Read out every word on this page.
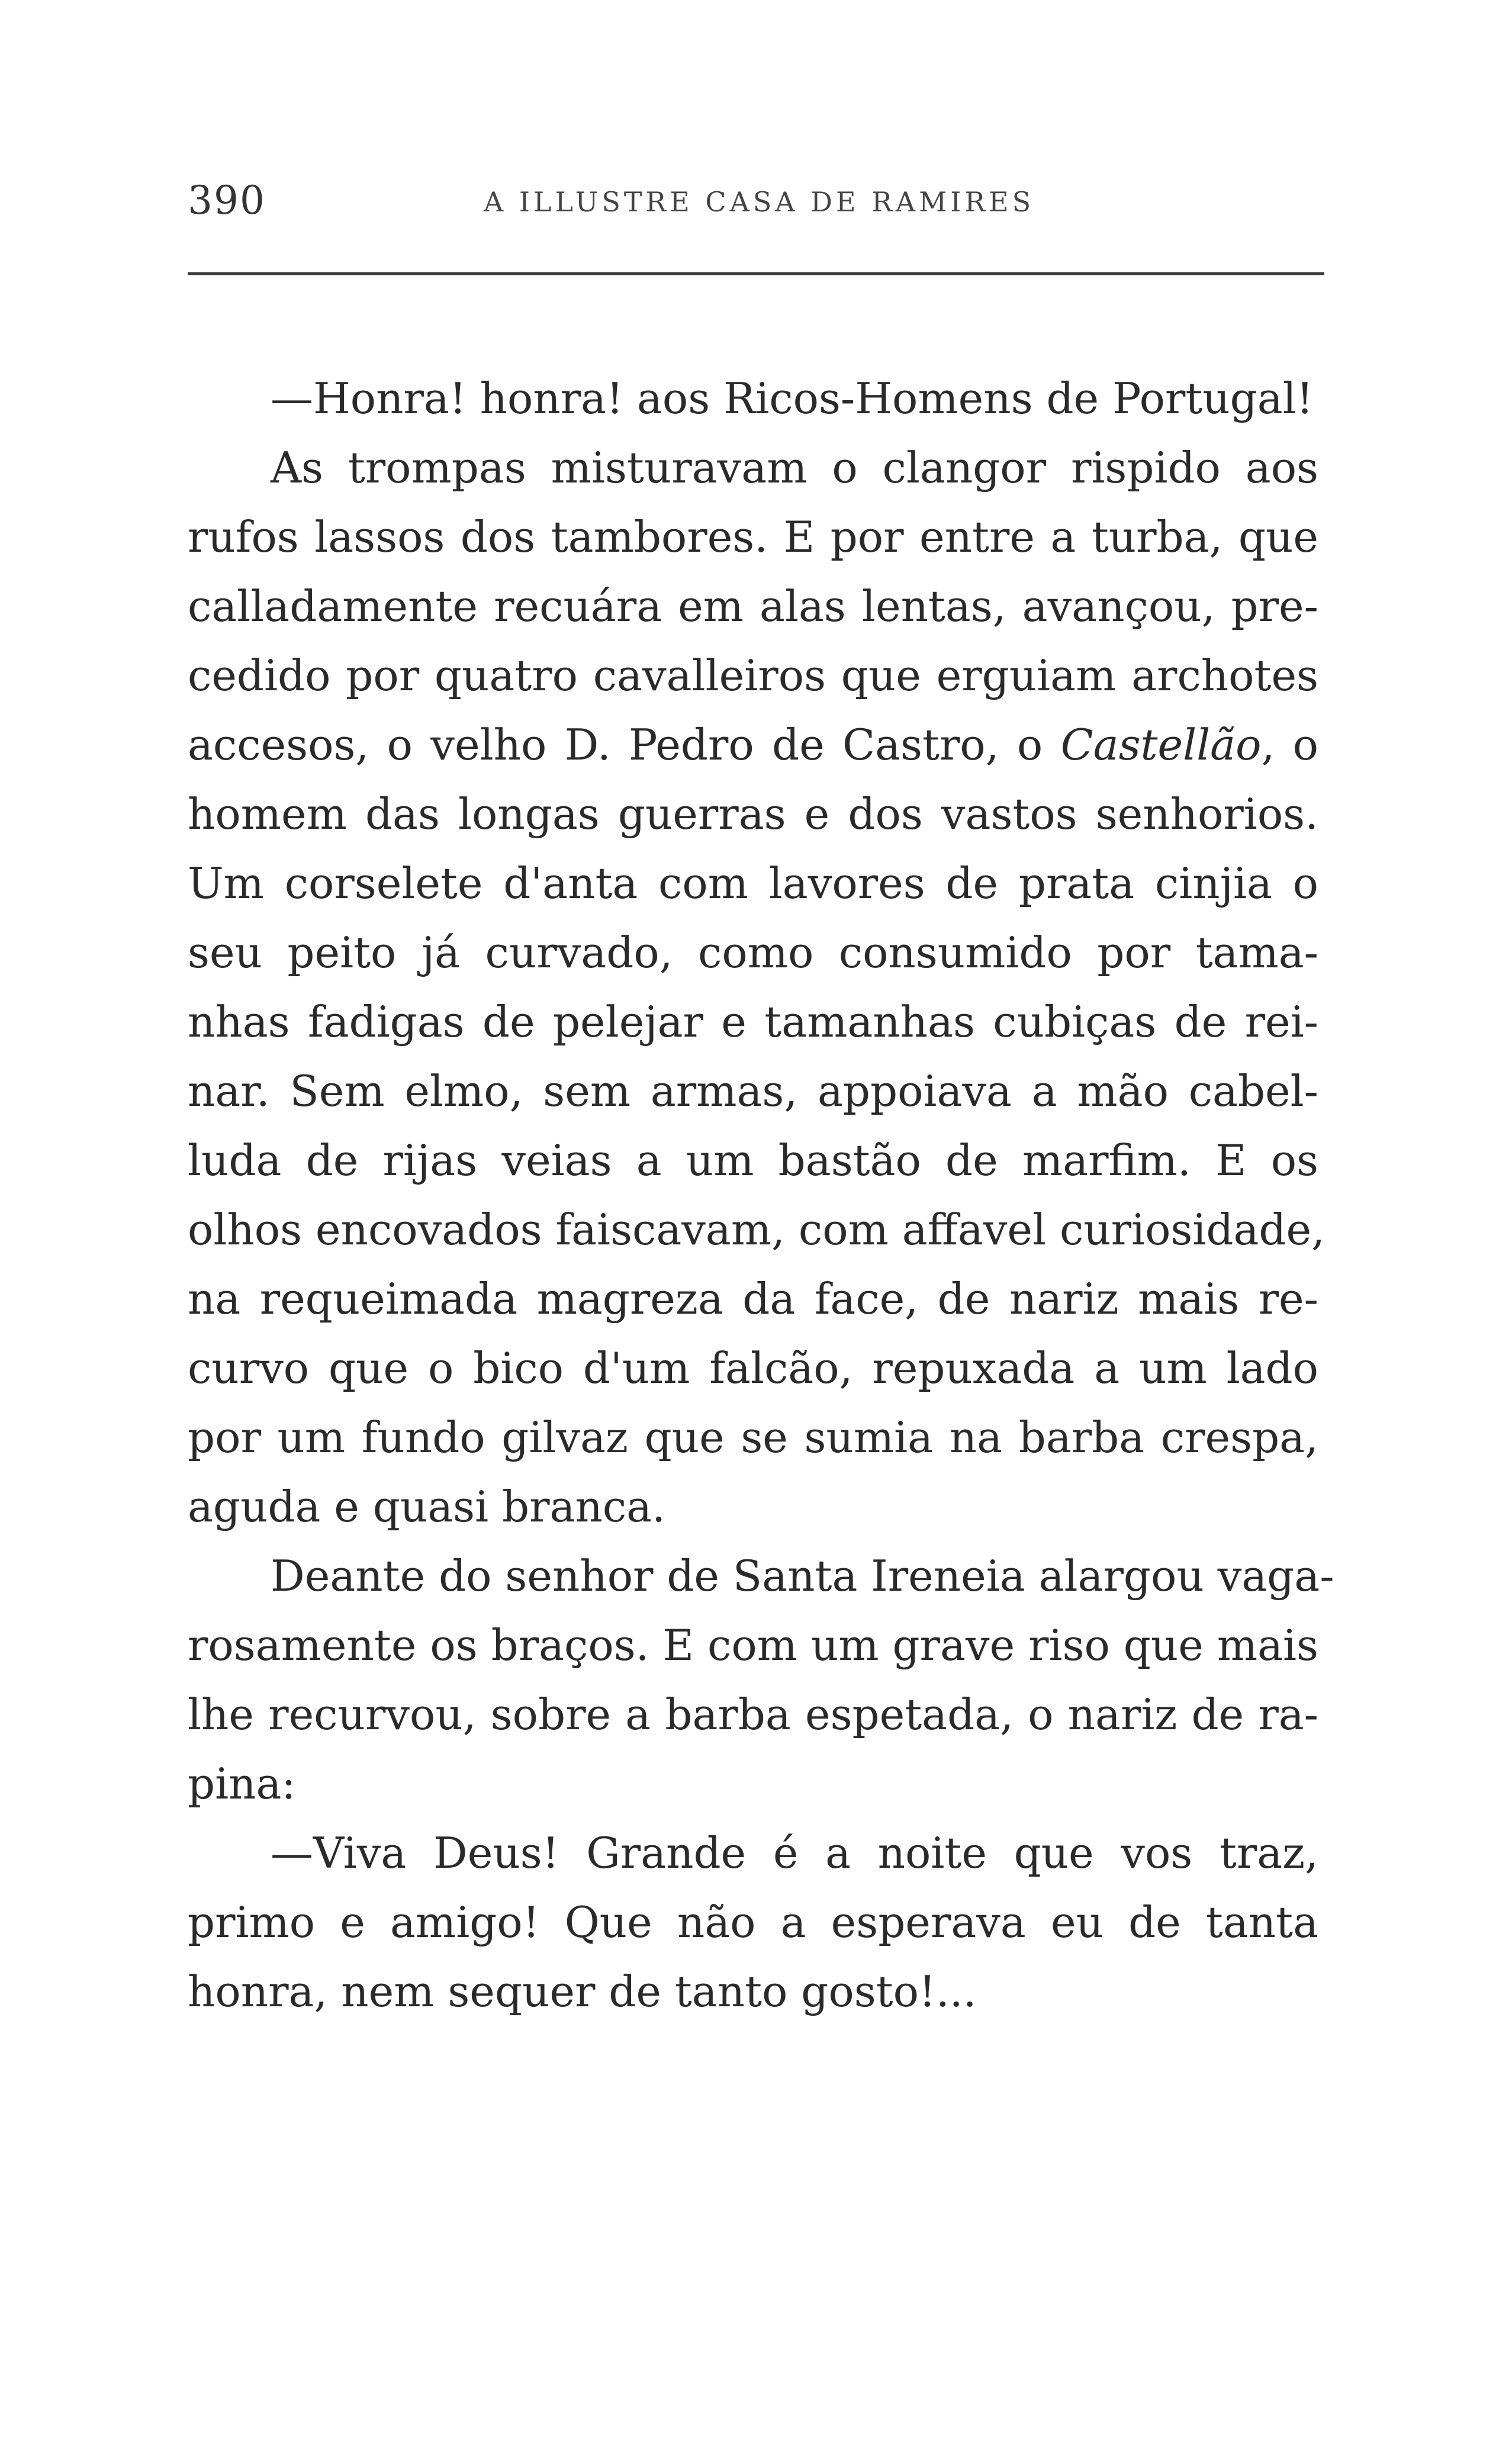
390	A ILLUSTRE CASA DE RAMIRES
—Honra! honra! aos Ricos-Homens de Portugal!
As trompas misturavam o clangor rispido aos
rufos lassos dos tambores. E por entre a turba, que
calladamente recuára em alas lentas, avançou, pre-
cedido por quatro cavalleiros que erguiam archotes
accesos, o velho D. Pedro de Castro, o Castellão, o
homem das longas guerras e dos vastos senhorios.
Um corselete d'anta com lavores de prata cinjia o
seu peito já curvado, como consumido por tama-
nhas fadigas de pelejar e tamanhas cubiças de rei-
nar. Sem elmo, sem armas, appoiava a mão cabel-
luda de rijas veias a um bastão de marfim. E os
olhos encovados faiscavam, com affavel curiosidade,
na requeimada magreza da face, de nariz mais re-
curvo que o bico d'um falcão, repuxada a um lado
por um fundo gilvaz que se sumia na barba crespa,
aguda e quasi branca.
Deante do senhor de Santa Ireneia alargou vaga-
rosamente os braços. E com um grave riso que mais
lhe recurvou, sobre a barba espetada, o nariz de ra-
pina:
—Viva Deus! Grande é a noite que vos traz,
primo e amigo! Que não a esperava eu de tanta
honra, nem sequer de tanto gosto!...
